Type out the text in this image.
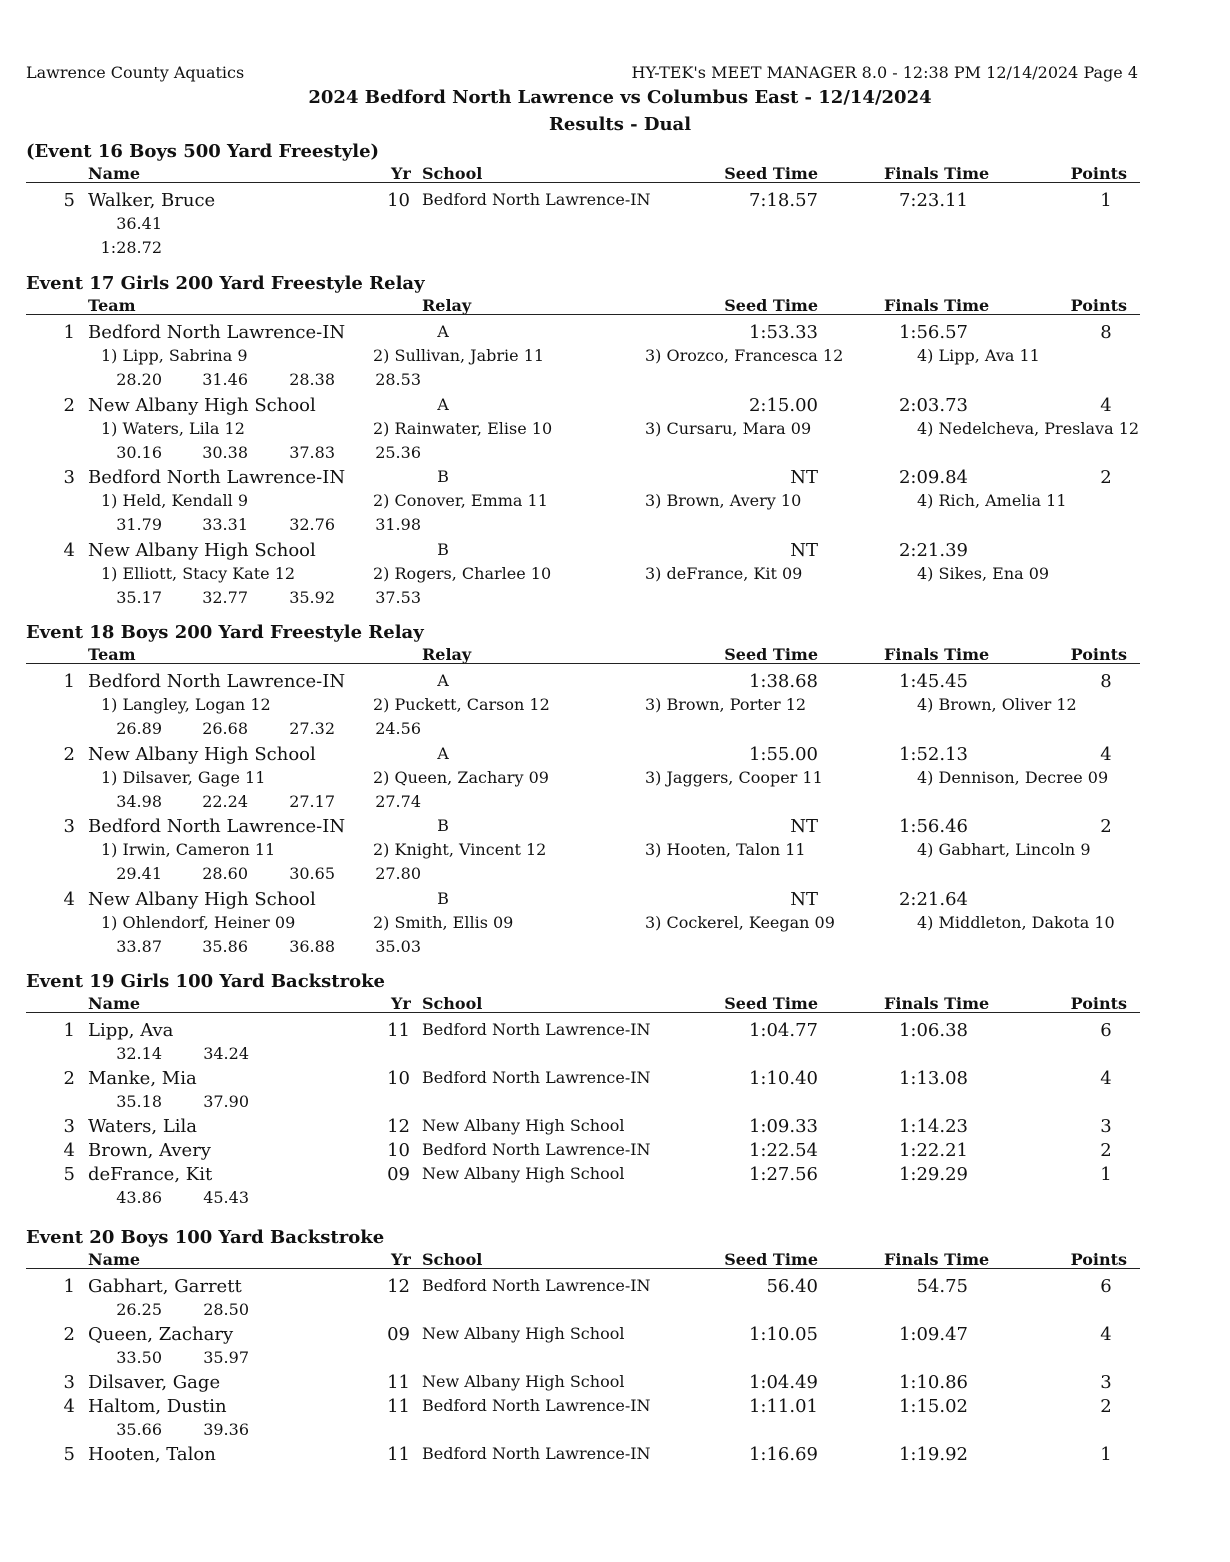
Lawrence County Aquatics	HY-TEK's MEET MANAGER 8.0 - 12:38 PM 12/14/2024 Page 4
2024 Bedford North Lawrence vs Columbus East - 12/14/2024
Results - Dual
(Event 16 Boys 500 Yard Freestyle)
Name	Yr School	Seed Time	Finals Time	Points
5 Walker, Bruce	10 Bedford North Lawrence-IN	7:18.57	7:23.11	1
36.41
1:28.72
Event 17 Girls 200 Yard Freestyle Relay
Team	Relay	Seed Time	Finals Time	Points
1 Bedford North Lawrence-IN	A	1:53.33	1:56.57	8
1) Lipp, Sabrina 9	2) Sullivan, Jabrie 11	3) Orozco, Francesca 12	4) Lipp, Ava 11
28.20	31.46	28.38	28.53
2 New Albany High School	A	2:15.00	2:03.73	4
1) Waters, Lila 12	2) Rainwater, Elise 10	3) Cursaru, Mara 09	4) Nedelcheva, Preslava 12
30.16	30.38	37.83	25.36
3 Bedford North Lawrence-IN	B	NT	2:09.84	2
1) Held, Kendall 9	2) Conover, Emma 11	3) Brown, Avery 10	4) Rich, Amelia 11
31.79	33.31	32.76	31.98
4 New Albany High School	B	NT	2:21.39
1) Elliott, Stacy Kate 12	2) Rogers, Charlee 10	3) deFrance, Kit 09	4) Sikes, Ena 09
35.17	32.77	35.92	37.53
Event 18 Boys 200 Yard Freestyle Relay
Team	Relay	Seed Time	Finals Time	Points
1 Bedford North Lawrence-IN	A	1:38.68	1:45.45	8
1) Langley, Logan 12	2) Puckett, Carson 12	3) Brown, Porter 12	4) Brown, Oliver 12
26.89	26.68	27.32	24.56
2 New Albany High School	A	1:55.00	1:52.13	4
1) Dilsaver, Gage 11	2) Queen, Zachary 09	3) Jaggers, Cooper 11	4) Dennison, Decree 09
34.98	22.24	27.17	27.74
3 Bedford North Lawrence-IN	B	NT	1:56.46	2
1) Irwin, Cameron 11	2) Knight, Vincent 12	3) Hooten, Talon 11	4) Gabhart, Lincoln 9
29.41	28.60	30.65	27.80
4 New Albany High School	B	NT	2:21.64
1) Ohlendorf, Heiner 09	2) Smith, Ellis 09	3) Cockerel, Keegan 09	4) Middleton, Dakota 10
33.87	35.86	36.88	35.03
Event 19 Girls 100 Yard Backstroke
Name	Yr School	Seed Time	Finals Time	Points
1 Lipp, Ava	11 Bedford North Lawrence-IN	1:04.77	1:06.38	6
32.14	34.24
2 Manke, Mia	10 Bedford North Lawrence-IN	1:10.40	1:13.08	4
35.18	37.90
3 Waters, Lila	12 New Albany High School	1:09.33	1:14.23	3
4 Brown, Avery	10 Bedford North Lawrence-IN	1:22.54	1:22.21	2
5 deFrance, Kit	09 New Albany High School	1:27.56	1:29.29	1
43.86	45.43
Event 20 Boys 100 Yard Backstroke
Name	Yr School	Seed Time	Finals Time	Points
1 Gabhart, Garrett	12 Bedford North Lawrence-IN	56.40	54.75	6
26.25	28.50
2 Queen, Zachary	09 New Albany High School	1:10.05	1:09.47	4
33.50	35.97
3 Dilsaver, Gage	11 New Albany High School	1:04.49	1:10.86	3
4 Haltom, Dustin	11 Bedford North Lawrence-IN	1:11.01	1:15.02	2
35.66	39.36
5 Hooten, Talon	11 Bedford North Lawrence-IN	1:16.69	1:19.92	1
